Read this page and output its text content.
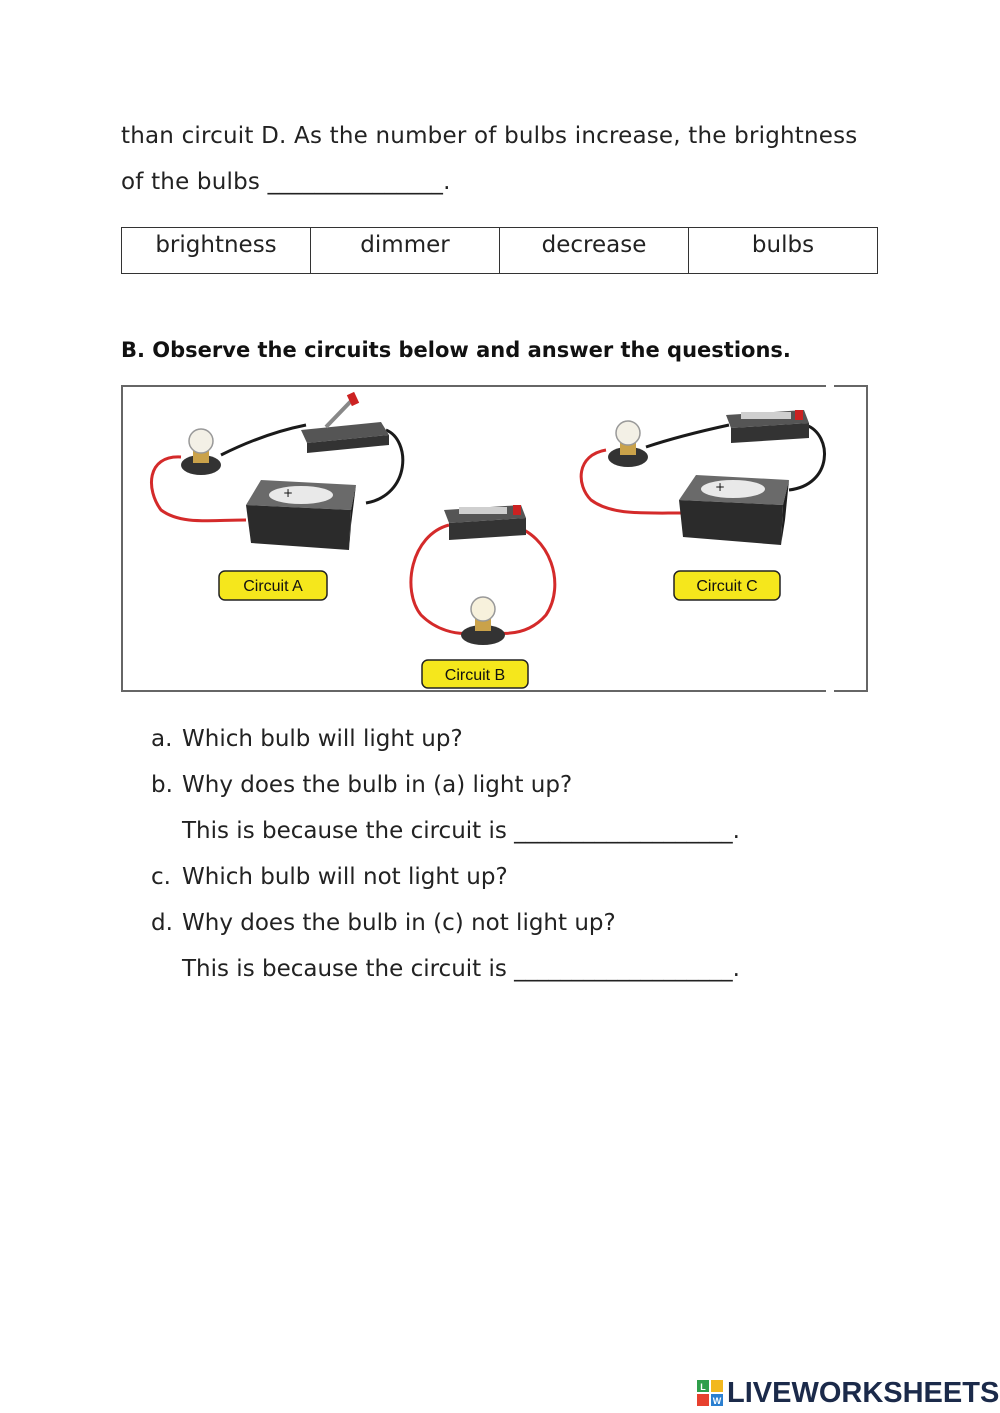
than circuit D. As the number of bulbs increase, the brightness
of the bulbs _______________.
brightness	dimmer	decrease	bulbs
B. Observe the circuits below and answer the questions.
+	+
Circuit A
Circuit B
Circuit C
a. Which bulb will light up?
b. Why does the bulb in (a) light up?
This is because the circuit is ___________________.
c. Which bulb will not light up?
d. Why does the bulb in (c) not light up?
This is because the circuit is ___________________.
L
W LIVEWORKSHEETS
